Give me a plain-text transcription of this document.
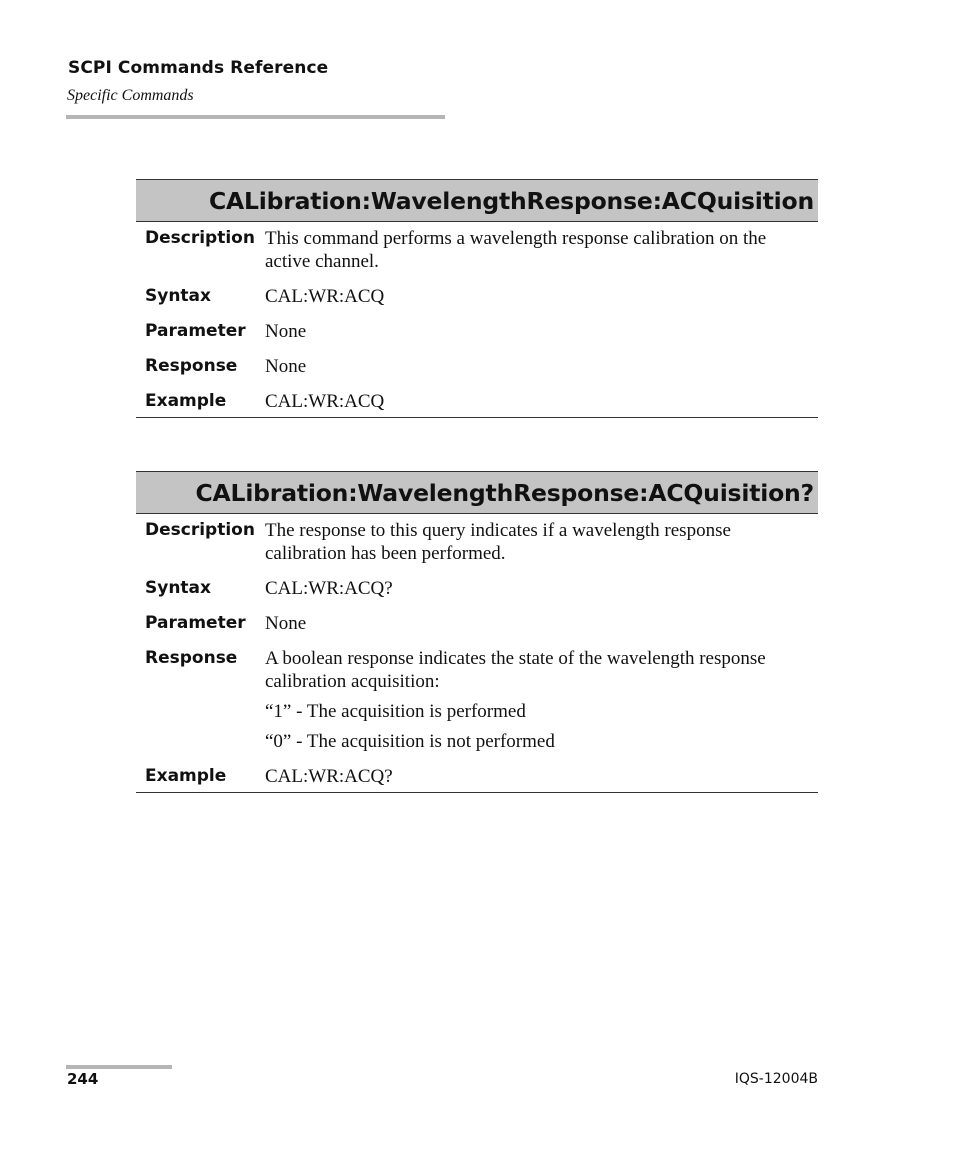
SCPI Commands Reference
Specific Commands
CALibration:WavelengthResponse:ACQuisition
Description This command performs a wavelength response calibration on the active channel.
Syntax	CAL:WR:ACQ
Parameter	None
Response	None
Example	CAL:WR:ACQ
CALibration:WavelengthResponse:ACQuisition?
Description The response to this query indicates if a wavelength response calibration has been performed.
Syntax	CAL:WR:ACQ?
Parameter	None
Response	A boolean response indicates the state of the wavelength response calibration acquisition:
“1” - The acquisition is performed
“0” - The acquisition is not performed
Example	CAL:WR:ACQ?
244	IQS-12004B
